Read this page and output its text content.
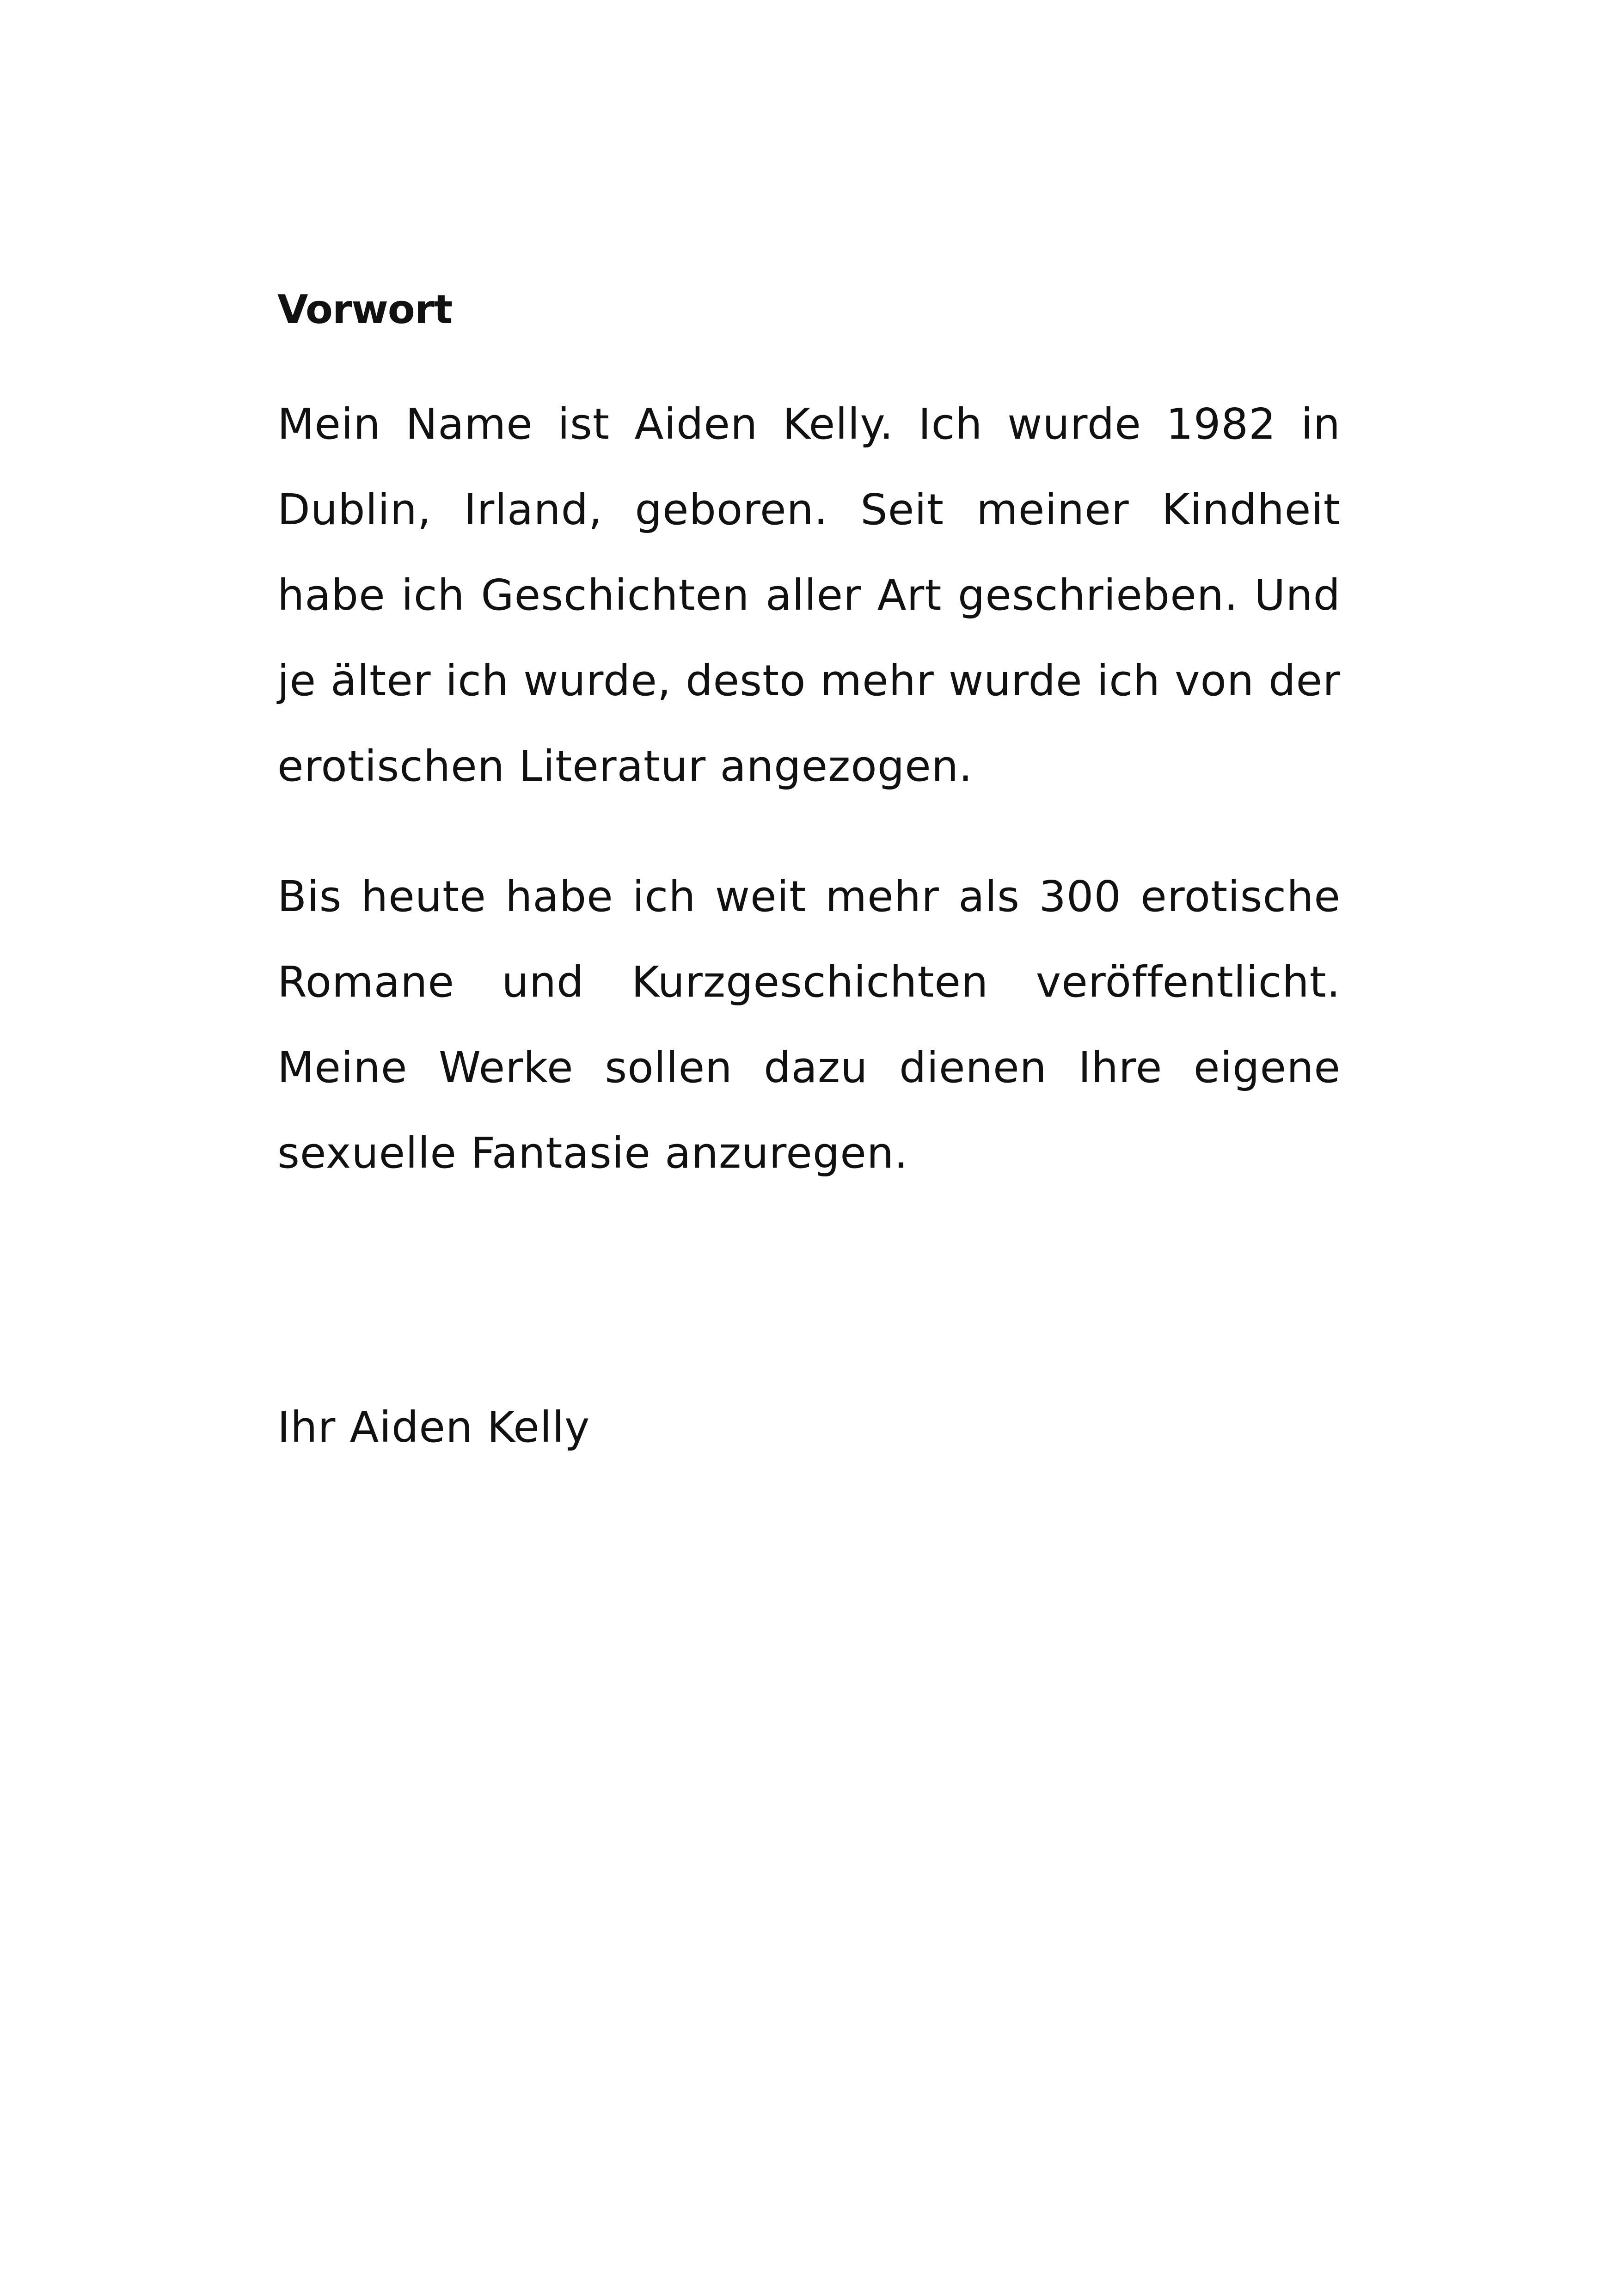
Vorwort

Mein Name ist Aiden Kelly. Ich wurde 1982 in Dublin, Irland, geboren. Seit meiner Kindheit habe ich Geschichten aller Art geschrieben. Und je älter ich wurde, desto mehr wurde ich von der erotischen Literatur angezogen.

Bis heute habe ich weit mehr als 300 erotische Romane und Kurzgeschichten veröffentlicht. Meine Werke sollen dazu dienen Ihre eigene sexuelle Fantasie anzuregen.

Ihr Aiden Kelly
